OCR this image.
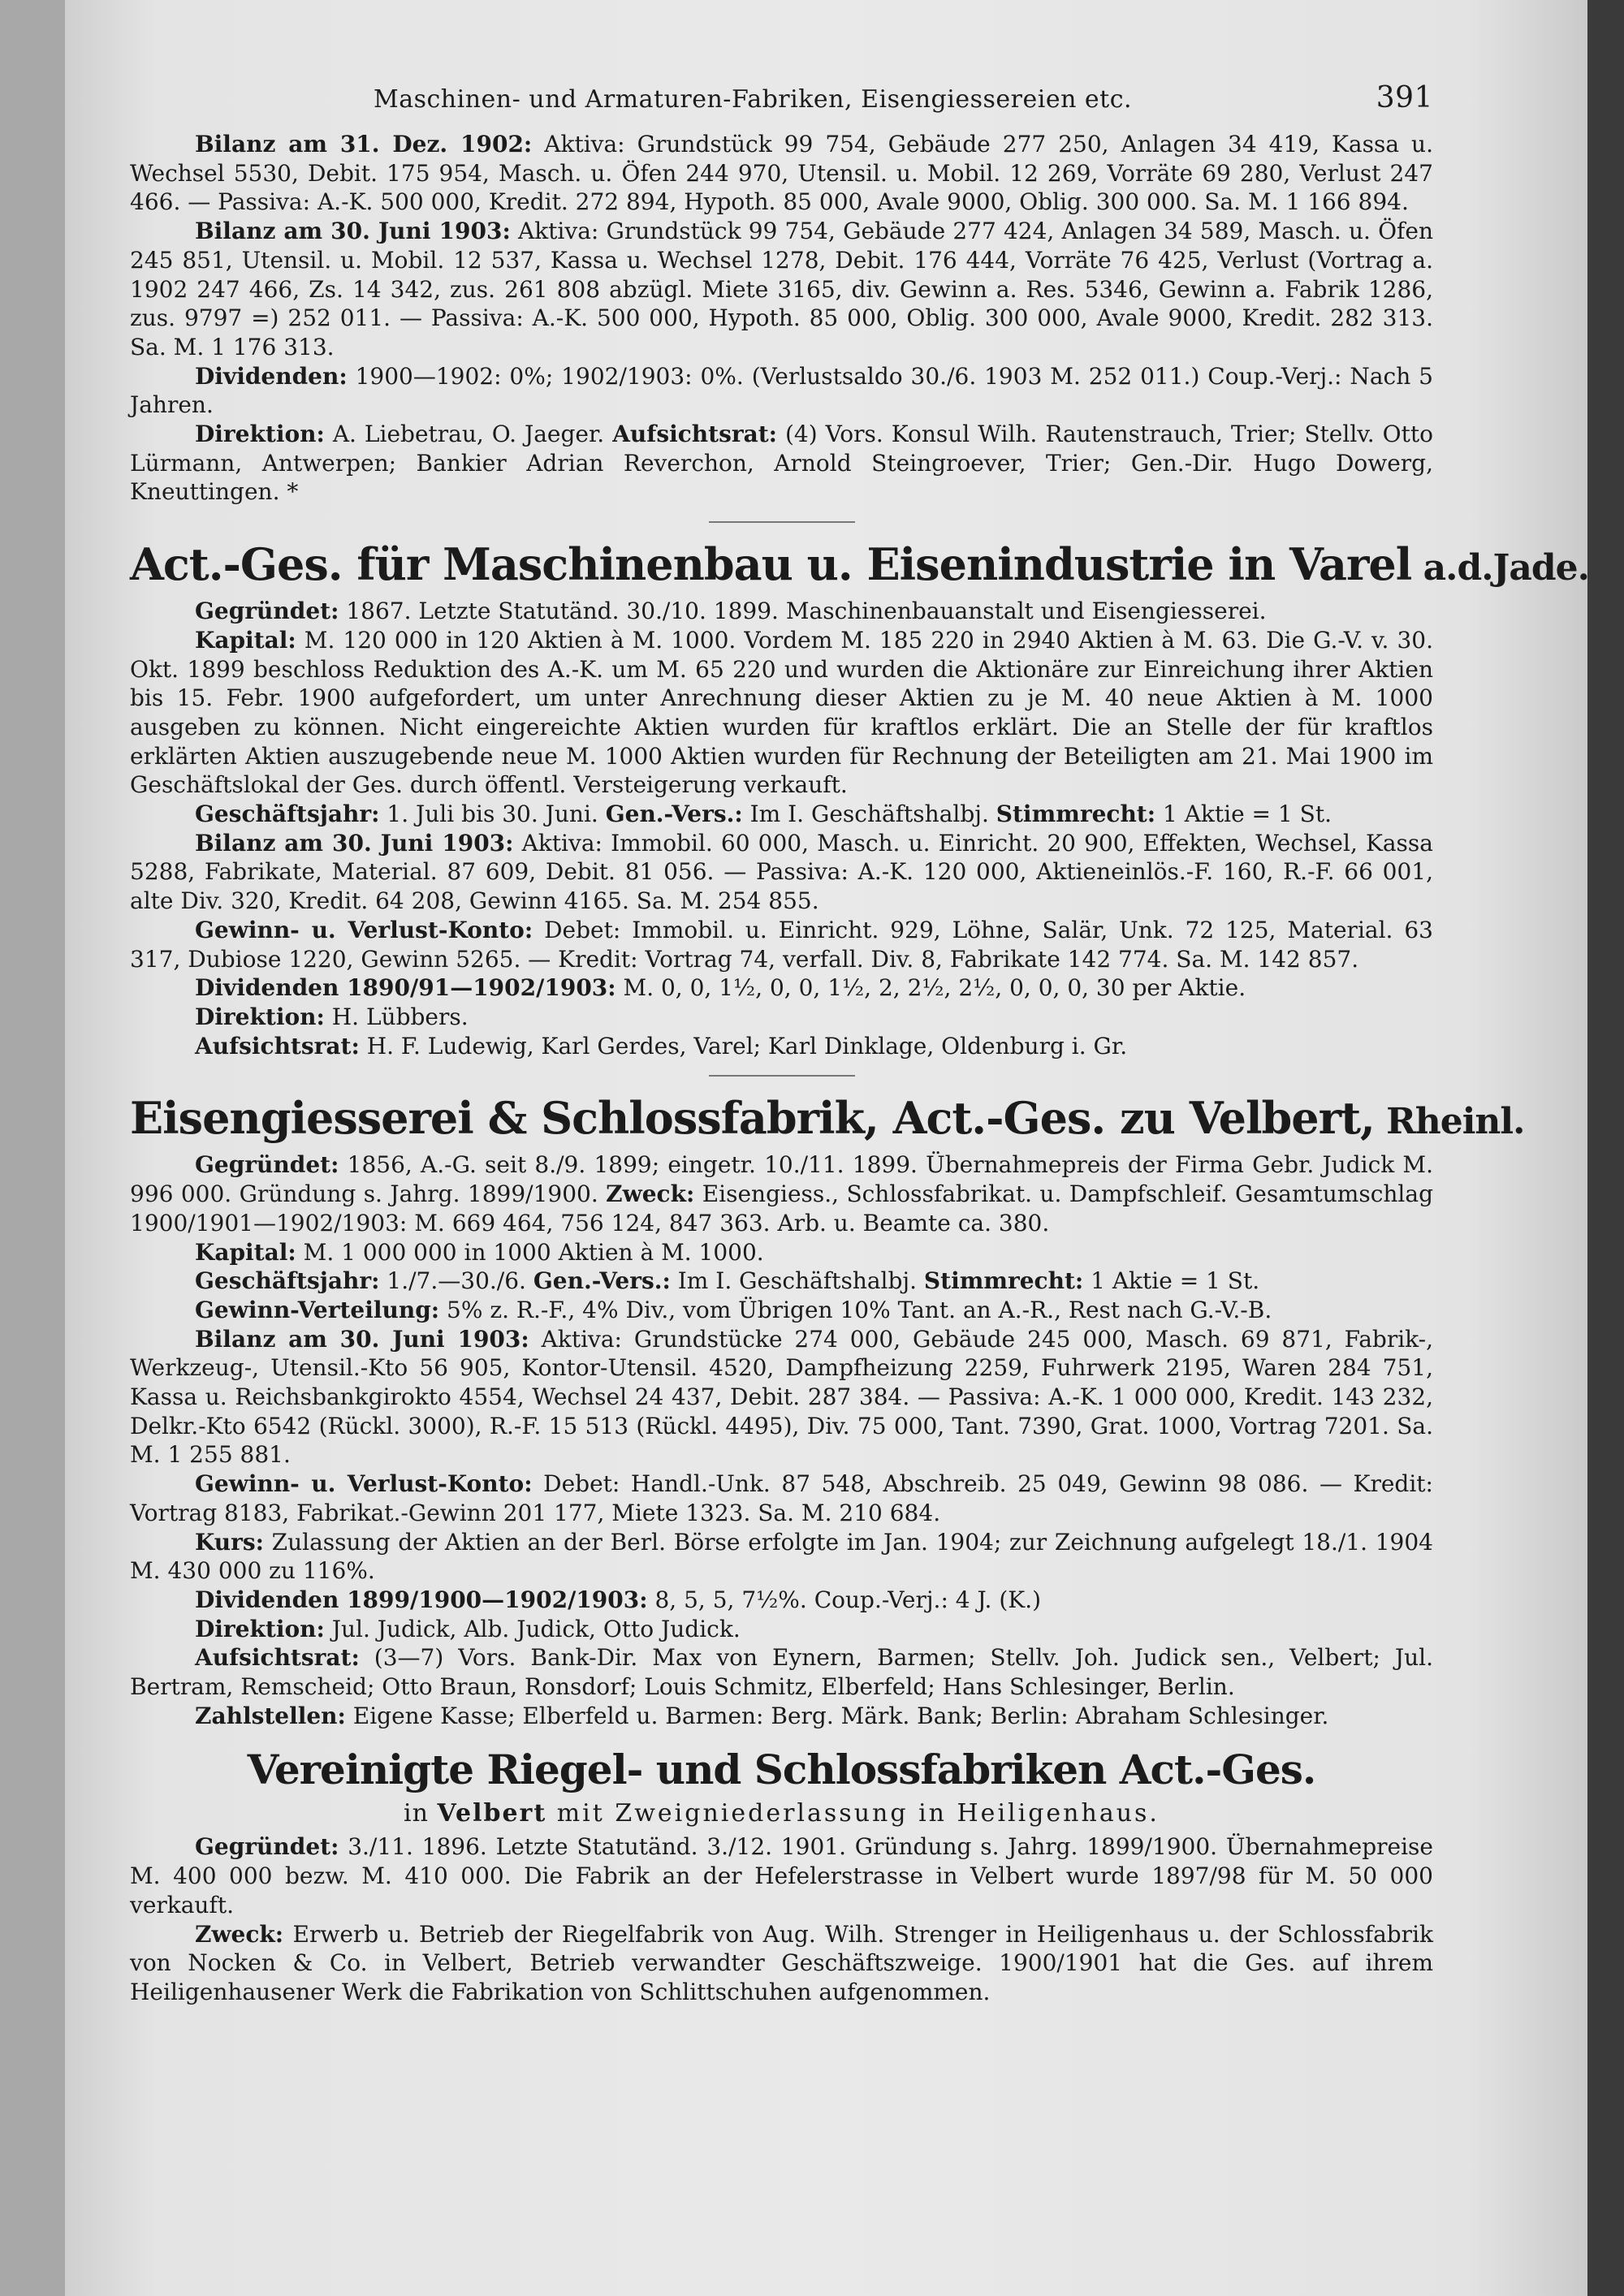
Maschinen- und Armaturen-Fabriken, Eisengiessereien etc.	391

Bilanz am 31. Dez. 1902: Aktiva: Grundstück 99 754, Gebäude 277 250, Anlagen 34 419, Kassa u. Wechsel 5530, Debit. 175 954, Masch. u. Öfen 244 970, Utensil. u. Mobil. 12 269, Vorräte 69 280, Verlust 247 466. — Passiva: A.-K. 500 000, Kredit. 272 894, Hypoth. 85 000, Avale 9000, Oblig. 300 000. Sa. M. 1 166 894.

Bilanz am 30. Juni 1903: Aktiva: Grundstück 99 754, Gebäude 277 424, Anlagen 34 589, Masch. u. Öfen 245 851, Utensil. u. Mobil. 12 537, Kassa u. Wechsel 1278, Debit. 176 444, Vorräte 76 425, Verlust (Vortrag a. 1902 247 466, Zs. 14 342, zus. 261 808 abzügl. Miete 3165, div. Gewinn a. Res. 5346, Gewinn a. Fabrik 1286, zus. 9797 =) 252 011. — Passiva: A.-K. 500 000, Hypoth. 85 000, Oblig. 300 000, Avale 9000, Kredit. 282 313. Sa. M. 1 176 313.

Dividenden: 1900—1902: 0%; 1902/1903: 0%. (Verlustsaldo 30./6. 1903 M. 252 011.) Coup.-Verj.: Nach 5 Jahren.

Direktion: A. Liebetrau, O. Jaeger. Aufsichtsrat: (4) Vors. Konsul Wilh. Rautenstrauch, Trier; Stellv. Otto Lürmann, Antwerpen; Bankier Adrian Reverchon, Arnold Steingroever, Trier; Gen.-Dir. Hugo Dowerg, Kneuttingen. *

Act.-Ges. für Maschinenbau u. Eisenindustrie in Varel a.d.Jade.

Gegründet: 1867. Letzte Statutänd. 30./10. 1899. Maschinenbauanstalt und Eisengiesserei.

Kapital: M. 120 000 in 120 Aktien à M. 1000. Vordem M. 185 220 in 2940 Aktien à M. 63. Die G.-V. v. 30. Okt. 1899 beschloss Reduktion des A.-K. um M. 65 220 und wurden die Aktionäre zur Einreichung ihrer Aktien bis 15. Febr. 1900 aufgefordert, um unter Anrechnung dieser Aktien zu je M. 40 neue Aktien à M. 1000 ausgeben zu können. Nicht eingereichte Aktien wurden für kraftlos erklärt. Die an Stelle der für kraftlos erklärten Aktien auszugebende neue M. 1000 Aktien wurden für Rechnung der Beteiligten am 21. Mai 1900 im Geschäftslokal der Ges. durch öffentl. Versteigerung verkauft.

Geschäftsjahr: 1. Juli bis 30. Juni. Gen.-Vers.: Im I. Geschäftshalbj. Stimmrecht: 1 Aktie = 1 St.

Bilanz am 30. Juni 1903: Aktiva: Immobil. 60 000, Masch. u. Einricht. 20 900, Effekten, Wechsel, Kassa 5288, Fabrikate, Material. 87 609, Debit. 81 056. — Passiva: A.-K. 120 000, Aktieneinlös.-F. 160, R.-F. 66 001, alte Div. 320, Kredit. 64 208, Gewinn 4165. Sa. M. 254 855.

Gewinn- u. Verlust-Konto: Debet: Immobil. u. Einricht. 929, Löhne, Salär, Unk. 72 125, Material. 63 317, Dubiose 1220, Gewinn 5265. — Kredit: Vortrag 74, verfall. Div. 8, Fabrikate 142 774. Sa. M. 142 857.

Dividenden 1890/91—1902/1903: M. 0, 0, 1½, 0, 0, 1½, 2, 2½, 2½, 0, 0, 0, 30 per Aktie.

Direktion: H. Lübbers.

Aufsichtsrat: H. F. Ludewig, Karl Gerdes, Varel; Karl Dinklage, Oldenburg i. Gr.

Eisengiesserei & Schlossfabrik, Act.-Ges. zu Velbert, Rheinl.

Gegründet: 1856, A.-G. seit 8./9. 1899; eingetr. 10./11. 1899. Übernahmepreis der Firma Gebr. Judick M. 996 000. Gründung s. Jahrg. 1899/1900. Zweck: Eisengiess., Schlossfabrikat. u. Dampfschleif. Gesamtumschlag 1900/1901—1902/1903: M. 669 464, 756 124, 847 363. Arb. u. Beamte ca. 380.

Kapital: M. 1 000 000 in 1000 Aktien à M. 1000.

Geschäftsjahr: 1./7.—30./6. Gen.-Vers.: Im I. Geschäftshalbj. Stimmrecht: 1 Aktie = 1 St.

Gewinn-Verteilung: 5% z. R.-F., 4% Div., vom Übrigen 10% Tant. an A.-R., Rest nach G.-V.-B.

Bilanz am 30. Juni 1903: Aktiva: Grundstücke 274 000, Gebäude 245 000, Masch. 69 871, Fabrik-, Werkzeug-, Utensil.-Kto 56 905, Kontor-Utensil. 4520, Dampfheizung 2259, Fuhrwerk 2195, Waren 284 751, Kassa u. Reichsbankgirokto 4554, Wechsel 24 437, Debit. 287 384. — Passiva: A.-K. 1 000 000, Kredit. 143 232, Delkr.-Kto 6542 (Rückl. 3000), R.-F. 15 513 (Rückl. 4495), Div. 75 000, Tant. 7390, Grat. 1000, Vortrag 7201. Sa. M. 1 255 881.

Gewinn- u. Verlust-Konto: Debet: Handl.-Unk. 87 548, Abschreib. 25 049, Gewinn 98 086. — Kredit: Vortrag 8183, Fabrikat.-Gewinn 201 177, Miete 1323. Sa. M. 210 684.

Kurs: Zulassung der Aktien an der Berl. Börse erfolgte im Jan. 1904; zur Zeichnung aufgelegt 18./1. 1904 M. 430 000 zu 116%.

Dividenden 1899/1900—1902/1903: 8, 5, 5, 7½%. Coup.-Verj.: 4 J. (K.)

Direktion: Jul. Judick, Alb. Judick, Otto Judick.

Aufsichtsrat: (3—7) Vors. Bank-Dir. Max von Eynern, Barmen; Stellv. Joh. Judick sen., Velbert; Jul. Bertram, Remscheid; Otto Braun, Ronsdorf; Louis Schmitz, Elberfeld; Hans Schlesinger, Berlin.

Zahlstellen: Eigene Kasse; Elberfeld u. Barmen: Berg. Märk. Bank; Berlin: Abraham Schlesinger.

Vereinigte Riegel- und Schlossfabriken Act.-Ges.

in Velbert mit Zweigniederlassung in Heiligenhaus.

Gegründet: 3./11. 1896. Letzte Statutänd. 3./12. 1901. Gründung s. Jahrg. 1899/1900. Übernahmepreise M. 400 000 bezw. M. 410 000. Die Fabrik an der Hefelerstrasse in Velbert wurde 1897/98 für M. 50 000 verkauft.

Zweck: Erwerb u. Betrieb der Riegelfabrik von Aug. Wilh. Strenger in Heiligenhaus u. der Schlossfabrik von Nocken & Co. in Velbert, Betrieb verwandter Geschäftszweige. 1900/1901 hat die Ges. auf ihrem Heiligenhausener Werk die Fabrikation von Schlittschuhen aufgenommen.
